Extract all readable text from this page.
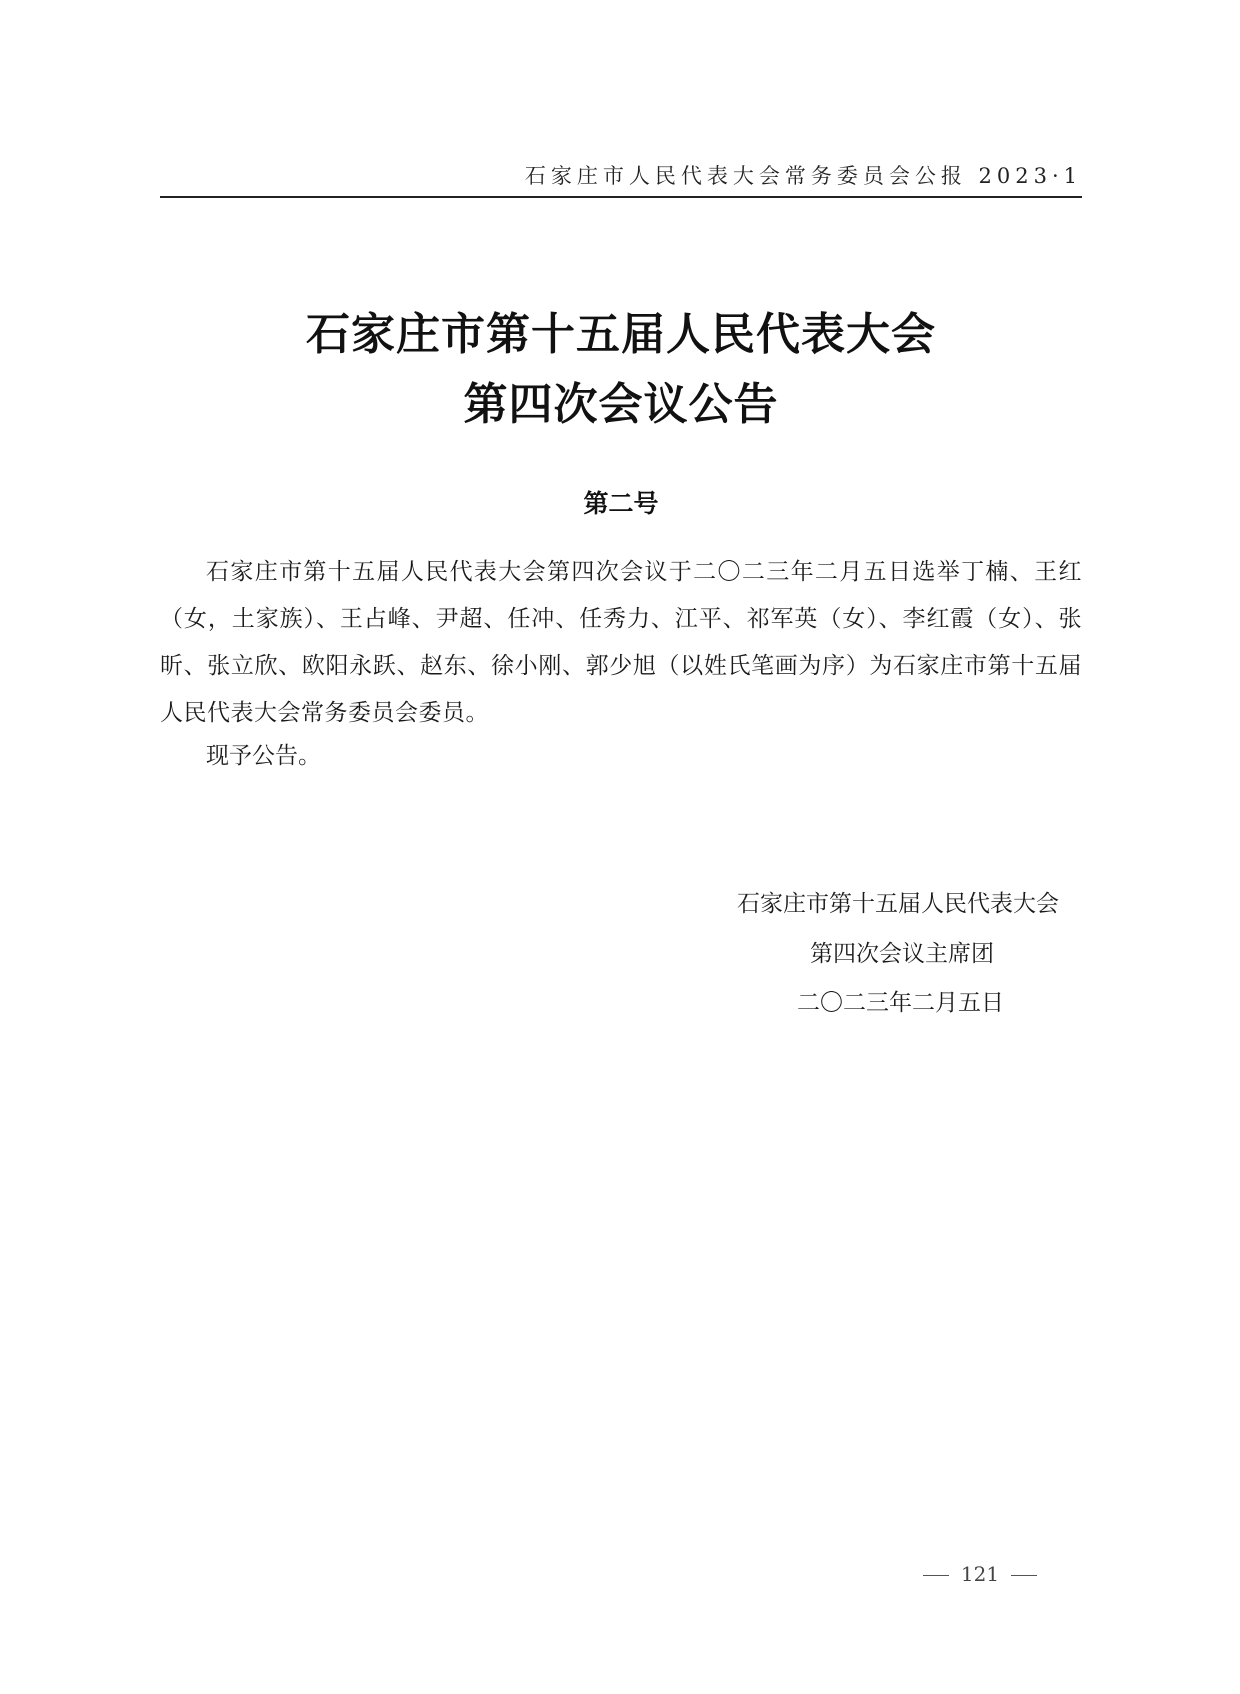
石家庄市人民代表大会常务委员会公报 2023·1
石家庄市第十五届人民代表大会
第四次会议公告
第二号
石家庄市第十五届人民代表大会第四次会议于二〇二三年二月五日选举丁楠、王红（女，土家族）、王占峰、尹超、任冲、任秀力、江平、祁军英（女）、李红霞（女）、张昕、张立欣、欧阳永跃、赵东、徐小刚、郭少旭（以姓氏笔画为序）为石家庄市第十五届人民代表大会常务委员会委员。
现予公告。
石家庄市第十五届人民代表大会
第四次会议主席团
二〇二三年二月五日
121
